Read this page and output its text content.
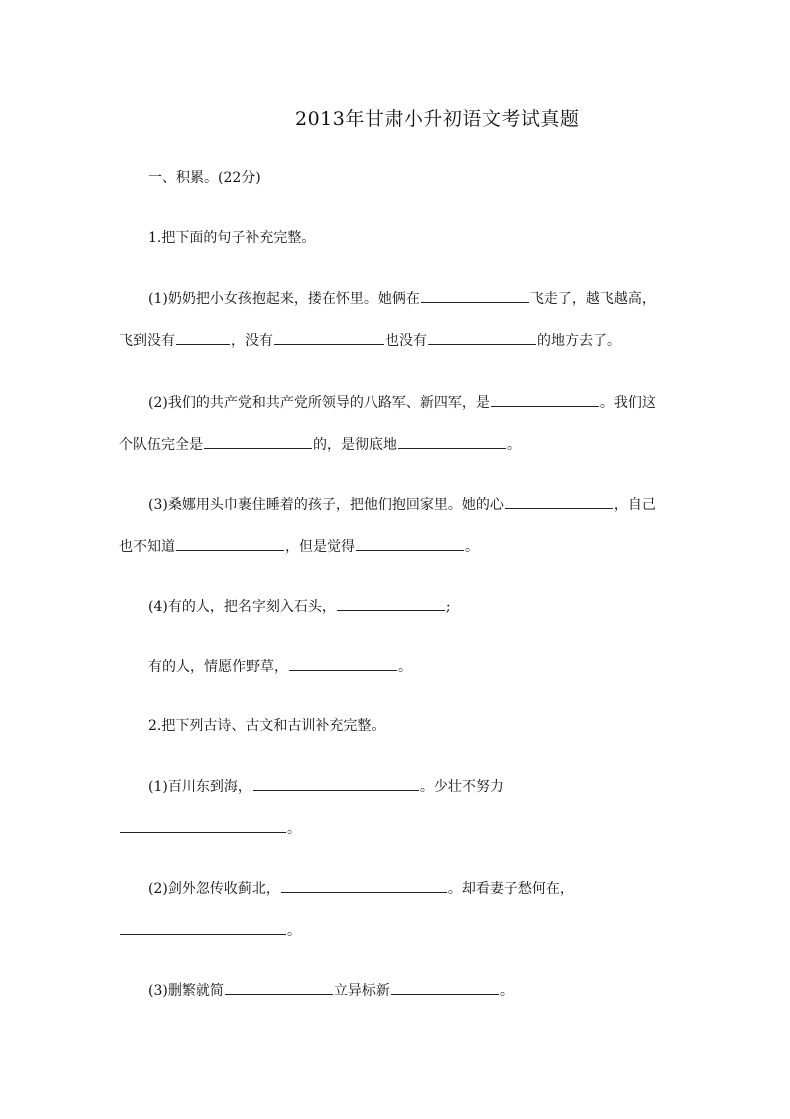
2013年甘肃小升初语文考试真题
一、积累。(22分)
1.把下面的句子补充完整。
(1)奶奶把小女孩抱起来，搂在怀里。她俩在	飞走了，越飞越高，
飞到没有	，没有	也没有	的地方去了。
(2)我们的共产党和共产党所领导的八路军、新四军，是	。我们这
个队伍完全是	的，是彻底地	。
(3)桑娜用头巾裹住睡着的孩子，把他们抱回家里。她的心	，自己
也不知道	，但是觉得	。
(4)有的人，把名字刻入石头，	;
有的人，情愿作野草，	。
2.把下列古诗、古文和古训补充完整。
(1)百川东到海，	。少壮不努力
。
(2)剑外忽传收蓟北，	。却看妻子愁何在，
。
(3)删繁就简	立异标新	。
